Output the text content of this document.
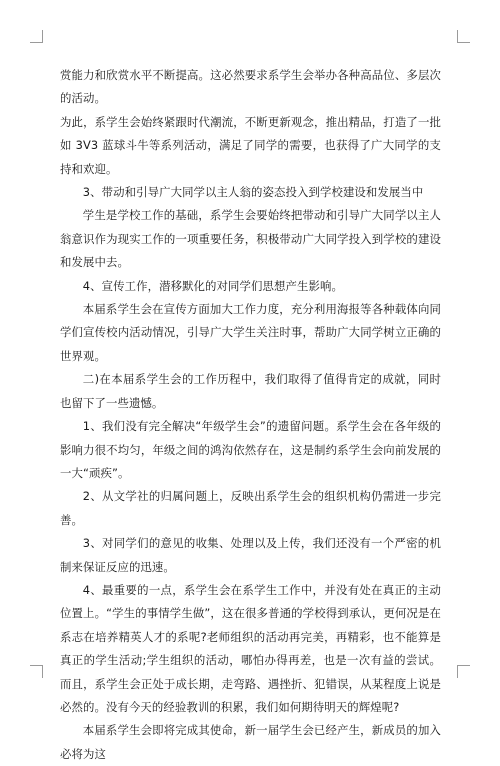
赏能力和欣赏水平不断提高。这必然要求系学生会举办各种高品位、多层次的活动。

为此，系学生会始终紧跟时代潮流，不断更新观念，推出精品，打造了一批如 3V3 蓝球斗牛等系列活动，满足了同学的需要，也获得了广大同学的支持和欢迎。

3、带动和引导广大同学以主人翁的姿态投入到学校建设和发展当中

学生是学校工作的基础，系学生会要始终把带动和引导广大同学以主人翁意识作为现实工作的一项重要任务，积极带动广大同学投入到学校的建设和发展中去。

4、宣传工作，潜移默化的对同学们思想产生影响。

本届系学生会在宣传方面加大工作力度，充分利用海报等各种载体向同学们宣传校内活动情况，引导广大学生关注时事，帮助广大同学树立正确的世界观。

二)在本届系学生会的工作历程中，我们取得了值得肯定的成就，同时也留下了一些遗憾。

1、我们没有完全解决“年级学生会”的遗留问题。系学生会在各年级的影响力很不均匀，年级之间的鸿沟依然存在，这是制约系学生会向前发展的一大“顽疾”。

2、从文学社的归属问题上，反映出系学生会的组织机构仍需进一步完善。

3、对同学们的意见的收集、处理以及上传，我们还没有一个严密的机制来保证反应的迅速。

4、最重要的一点，系学生会在系学生工作中，并没有处在真正的主动位置上。“学生的事情学生做”，这在很多普通的学校得到承认，更何况是在系志在培养精英人才的系呢?老师组织的活动再完美，再精彩，也不能算是真正的学生活动;学生组织的活动，哪怕办得再差，也是一次有益的尝试。而且，系学生会正处于成长期，走弯路、遇挫折、犯错误，从某程度上说是必然的。没有今天的经验教训的积累，我们如何期待明天的辉煌呢?

本届系学生会即将完成其使命，新一届学生会已经产生，新成员的加入必将为这
